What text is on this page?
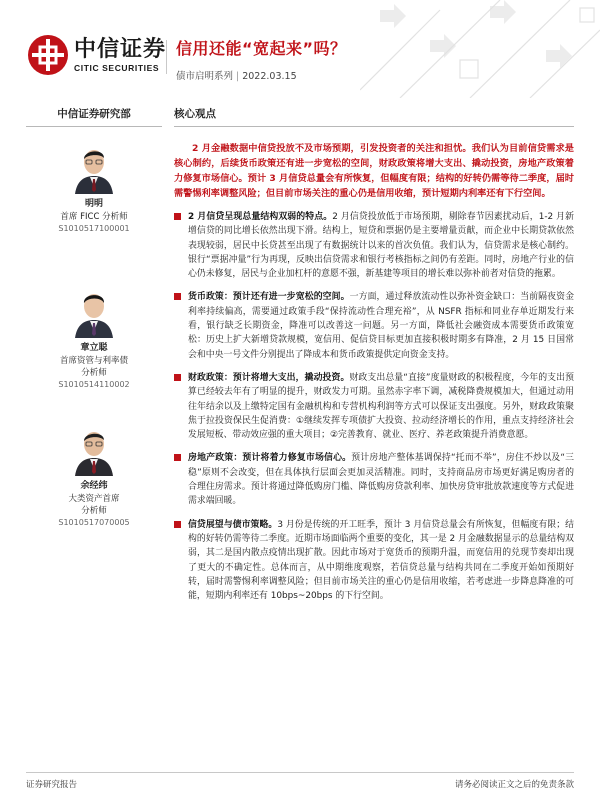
中信证券
CITIC SECURITIES
信用还能“宽起来”吗？
债市启明系列 | 2022.03.15
中信证券研究部
明明
首席 FICC 分析师
S1010517100001
章立聪
首席资管与利率债
分析师
S1010514110002
余经纬
大类资产首席
分析师
S1010517070005
核心观点
2 月金融数据中信贷投放不及市场预期，引发投资者的关注和担忧。我们认为目前信贷需求是核心制约，后续货币政策还有进一步宽松的空间，财政政策将增大支出、撬动投资，房地产政策着力修复市场信心。预计 3 月信贷总量会有所恢复，但幅度有限；结构的好转仍需等待二季度，届时需警惕利率调整风险；但目前市场关注的重心仍是信用收缩，预计短期内利率还有下行空间。
2 月信贷呈现总量结构双弱的特点。2 月信贷投放低于市场预期，剔除春节因素扰动后，1-2 月新增信贷的同比增长依然出现下滑。结构上，短贷和票据仍是主要增量贡献，而企业中长期贷款依然表现较弱，居民中长贷甚至出现了有数据统计以来的首次负值。我们认为，信贷需求是核心制约。银行“票据冲量”行为再现，反映出信贷需求和银行考核指标之间仍有差距。同时，房地产行业的信心仍未修复，居民与企业加杠杆的意愿不强，新基建等项目的增长难以弥补前者对信贷的拖累。
货币政策：预计还有进一步宽松的空间。一方面，通过释放流动性以弥补资金缺口：当前隔夜资金利率持续偏高，需要通过政策手段“保持流动性合理充裕”，从 NSFR 指标和同业存单近期发行来看，银行缺乏长期资金，降准可以改善这一问题。另一方面，降低社会融资成本需要货币政策宽松：历史上扩大新增贷款规模，宽信用、促信贷目标更加直接积极时期多有降准，2 月 15 日国常会和中央一号文件分别提出了降成本和货币政策提供定向资金支持。
财政政策：预计将增大支出，撬动投资。财政支出总量“直接”度量财政的积极程度，今年的支出预算已经较去年有了明显的提升，财政发力可期。虽然赤字率下调，减税降费规模加大，但通过动用往年结余以及上缴特定国有金融机构和专营机构利润等方式可以保证支出强度。另外，财政政策聚焦于拉投资保民生促消费：①继续发挥专项债扩大投资、拉动经济增长的作用，重点支持经济社会发展短板、带动效应强的重大项目；②完善教育、就业、医疗、养老政策提升消费意愿。
房地产政策：预计将着力修复市场信心。预计房地产整体基调保持“托而不举”，房住不炒以及“三稳”原则不会改变，但在具体执行层面会更加灵活精准。同时，支持商品房市场更好满足购房者的合理住房需求。预计将通过降低购房门槛、降低购房贷款利率、加快房贷审批放款速度等方式促进需求端回暖。
信贷展望与债市策略。3 月份是传统的开工旺季，预计 3 月信贷总量会有所恢复，但幅度有限；结构的好转仍需等待二季度。近期市场面临两个重要的变化，其一是 2 月金融数据显示的总量结构双弱，其二是国内散点疫情出现扩散。因此市场对于宽货币的预期升温，而宽信用的兑现节奏却出现了更大的不确定性。总体而言，从中期维度观察，若信贷总量与结构共同在二季度开始如预期好转，届时需警惕利率调整风险；但目前市场关注的重心仍是信用收缩，若考虑进一步降息降准的可能，短期内利率还有 10bps~20bps 的下行空间。
证券研究报告	请务必阅读正文之后的免责条款
